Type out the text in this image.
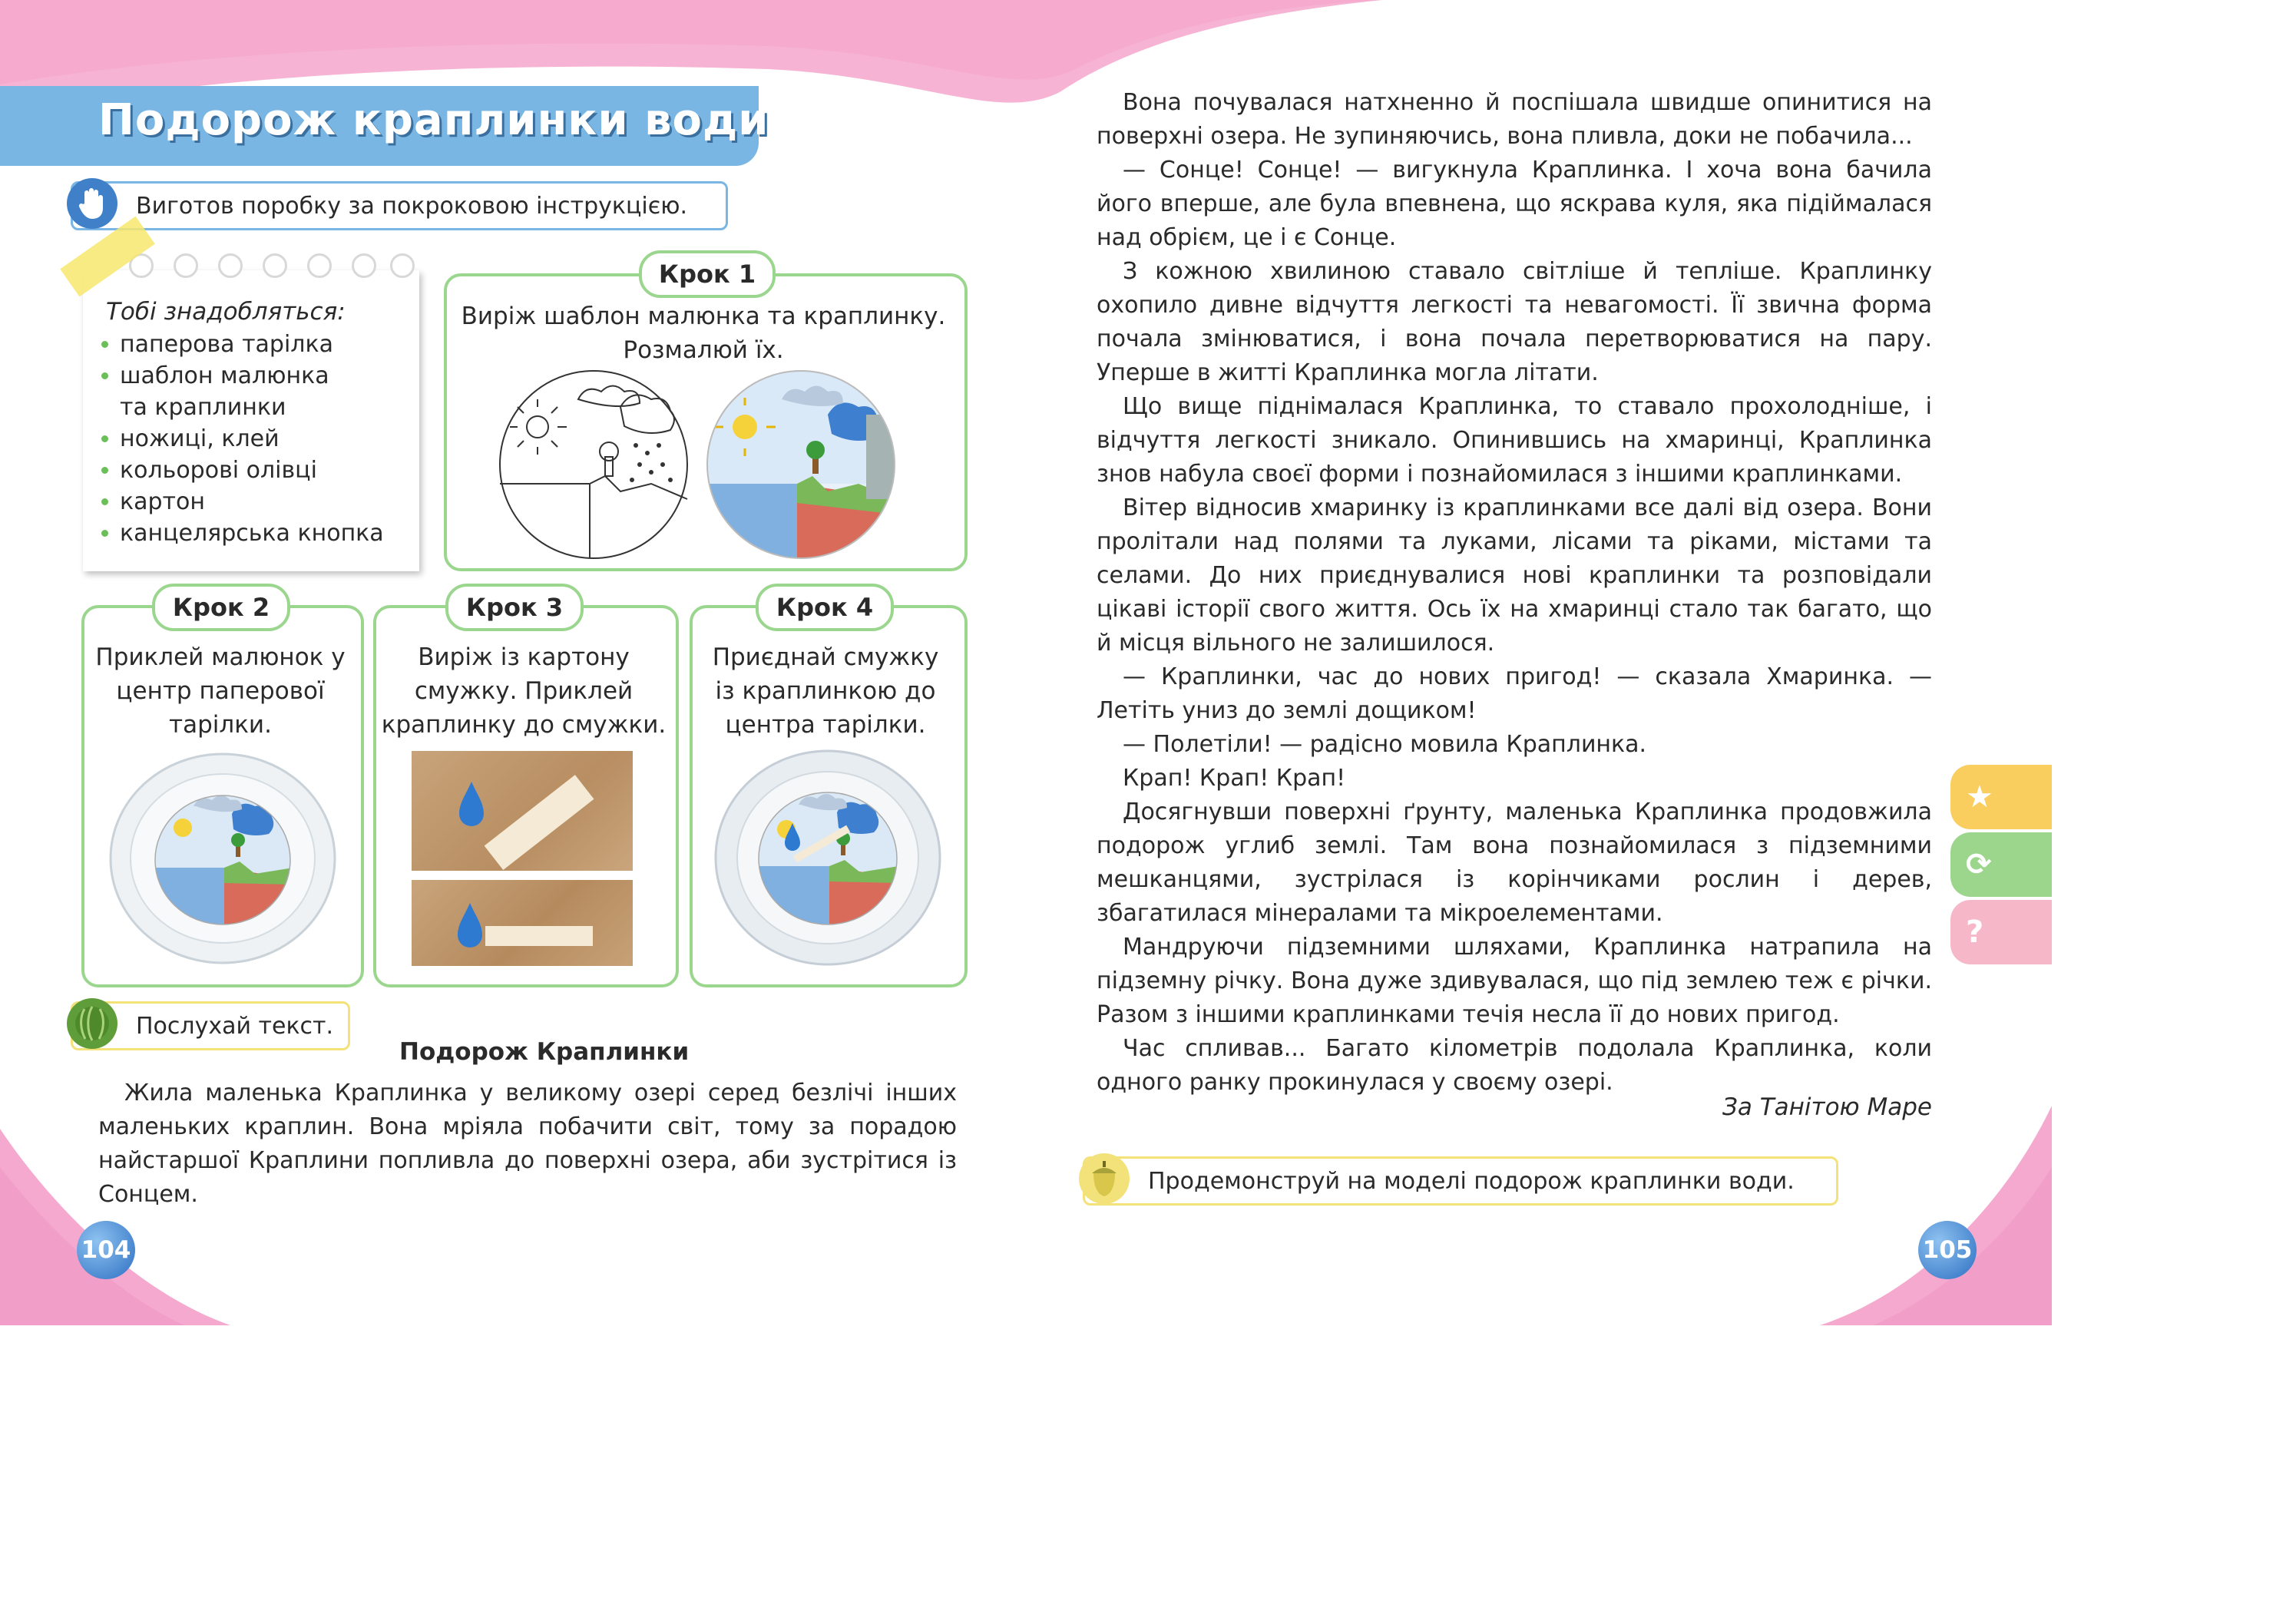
Подорож краплинки води
Виготов поробку за покроковою інструкцією.
Тобі знадобляться:
паперова тарілка
шаблон малюнка
та краплинки
ножиці, клей
кольорові олівці
картон
канцелярська кнопка
Крок 1
Виріж шаблон малюнка та краплинку. Розмалюй їх.
Крок 2
Приклей малюнок у центр паперової тарілки.
Крок 3
Виріж із картону смужку. Приклей краплинку до смужки.
Крок 4
Приєднай смужку із краплинкою до центра тарілки.
Послухай текст.
Подорож Краплинки

Жила маленька Краплинка у великому озері серед безлічі інших маленьких краплин. Вона мріяла побачити світ, тому за порадою найстаршої Краплини попливла до поверхні озера, аби зустрітися із Сонцем.

Вона почувалася натхненно й поспішала швидше опинитися на поверхні озера. Не зупиняючись, вона пливла, доки не побачила...

— Сонце! Сонце! — вигукнула Краплинка. І хоча вона бачила його вперше, але була впевнена, що яскрава куля, яка підіймалася над обрієм, це і є Сонце.

З кожною хвилиною ставало світліше й тепліше. Краплинку охопило дивне відчуття легкості та невагомості. Її звична форма почала змінюватися, і вона почала перетворюватися на пару. Уперше в житті Краплинка могла літати.

Що вище піднімалася Краплинка, то ставало прохолодніше, і відчуття легкості зникало. Опинившись на хмаринці, Краплинка знов набула своєї форми і познайомилася з іншими краплинками.

Вітер відносив хмаринку із краплинками все далі від озера. Вони пролітали над полями та луками, лісами та ріками, містами та селами. До них приєднувалися нові краплинки та розповідали цікаві історії свого життя. Ось їх на хмаринці стало так багато, що й місця вільного не залишилося.

— Краплинки, час до нових пригод! — сказала Хмаринка. — Летіть униз до землі дощиком!

— Полетіли! — радісно мовила Краплинка.

Крап! Крап! Крап!

Досягнувши поверхні ґрунту, маленька Краплинка продовжила подорож углиб землі. Там вона познайомилася з підземними мешканцями, зустрілася із корінчиками рослин і дерев, збагатилася мінералами та мікроелементами.

Мандруючи підземними шляхами, Краплинка натрапила на підземну річку. Вона дуже здивувалася, що під землею теж є річки. Разом з іншими краплинками течія несла її до нових пригод.

Час спливав... Багато кілометрів подолала Краплинка, коли одного ранку прокинулася у своєму озері.

За Танітою Маре
Продемонструй на моделі подорож краплинки води.
104	105
★
⟳
?
